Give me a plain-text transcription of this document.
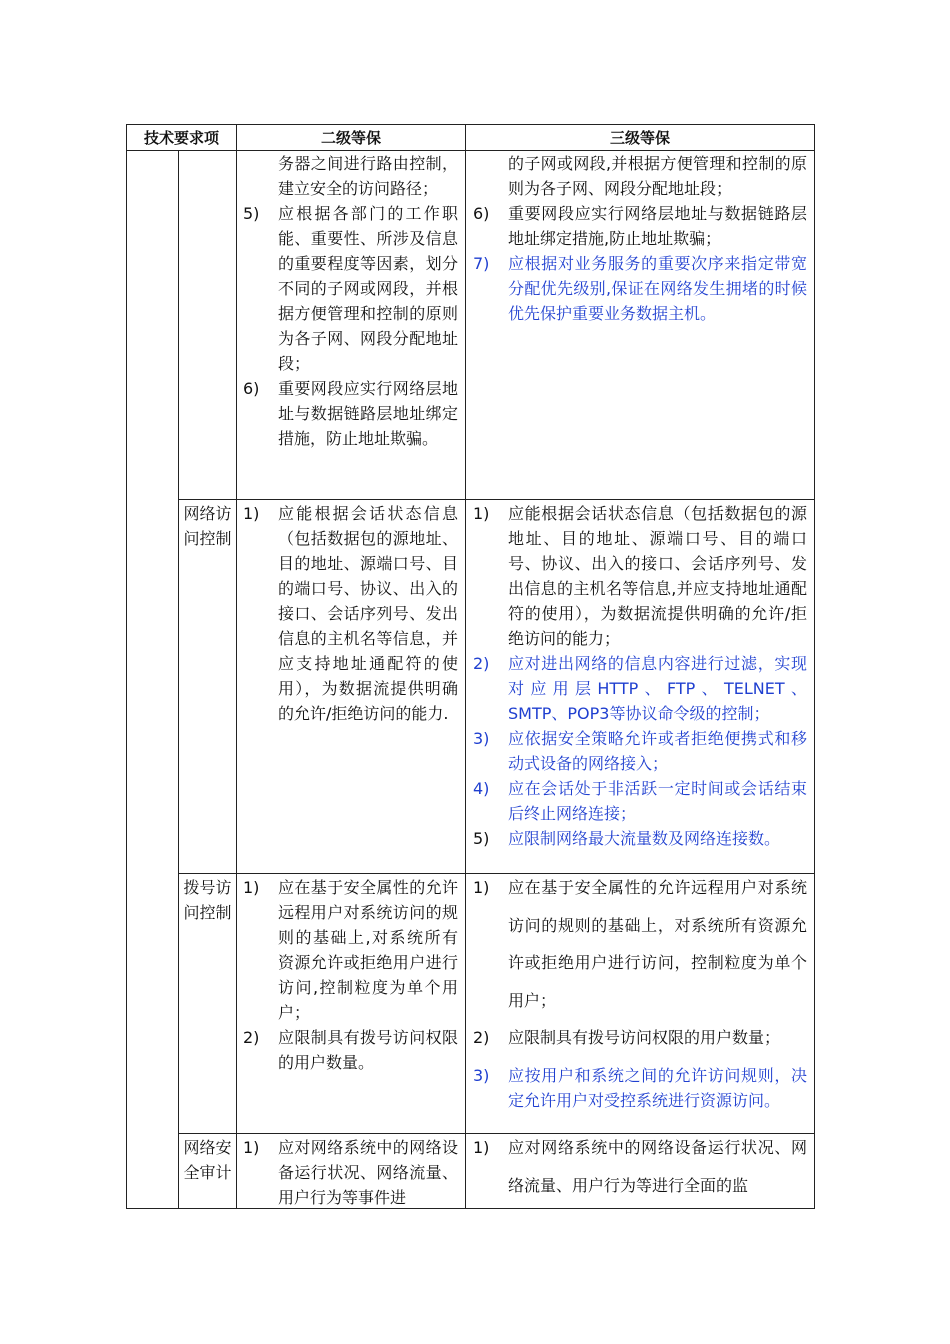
技术要求项	二级等保	三级等保
务器之间进行路由控制，建立安全的访问路径；
5) 应根据各部门的工作职能、重要性、所涉及信息的重要程度等因素，划分不同的子网或网段，并根据方便管理和控制的原则为各子网、网段分配地址段；
6) 重要网段应实行网络层地址与数据链路层地址绑定措施，防止地址欺骗。
的子网或网段,并根据方便管理和控制的原则为各子网、网段分配地址段；
6) 重要网段应实行网络层地址与数据链路层地址绑定措施,防止地址欺骗；
7) 应根据对业务服务的重要次序来指定带宽分配优先级别,保证在网络发生拥堵的时候优先保护重要业务数据主机。
网络访问控制
1) 应能根据会话状态信息（包括数据包的源地址、目的地址、源端口号、目的端口号、协议、出入的接口、会话序列号、发出信息的主机名等信息，并应支持地址通配符的使用），为数据流提供明确的允许/拒绝访问的能力.
1) 应能根据会话状态信息（包括数据包的源地址、目的地址、源端口号、目的端口号、协议、出入的接口、会话序列号、发出信息的主机名等信息,并应支持地址通配符的使用），为数据流提供明确的允许/拒绝访问的能力；
2) 应对进出网络的信息内容进行过滤，实现对应用层HTTP、FTP、TELNET、SMTP、POP3等协议命令级的控制；
3) 应依据安全策略允许或者拒绝便携式和移动式设备的网络接入；
4) 应在会话处于非活跃一定时间或会话结束后终止网络连接；
5) 应限制网络最大流量数及网络连接数。
拨号访问控制
1) 应在基于安全属性的允许远程用户对系统访问的规则的基础上,对系统所有资源允许或拒绝用户进行访问,控制粒度为单个用户；
2) 应限制具有拨号访问权限的用户数量。
1) 应在基于安全属性的允许远程用户对系统访问的规则的基础上，对系统所有资源允许或拒绝用户进行访问，控制粒度为单个用户；
2) 应限制具有拨号访问权限的用户数量；
3) 应按用户和系统之间的允许访问规则，决定允许用户对受控系统进行资源访问。
网络安全审计
1) 应对网络系统中的网络设备运行状况、网络流量、用户行为等事件进
1) 应对网络系统中的网络设备运行状况、网络流量、用户行为等进行全面的监
